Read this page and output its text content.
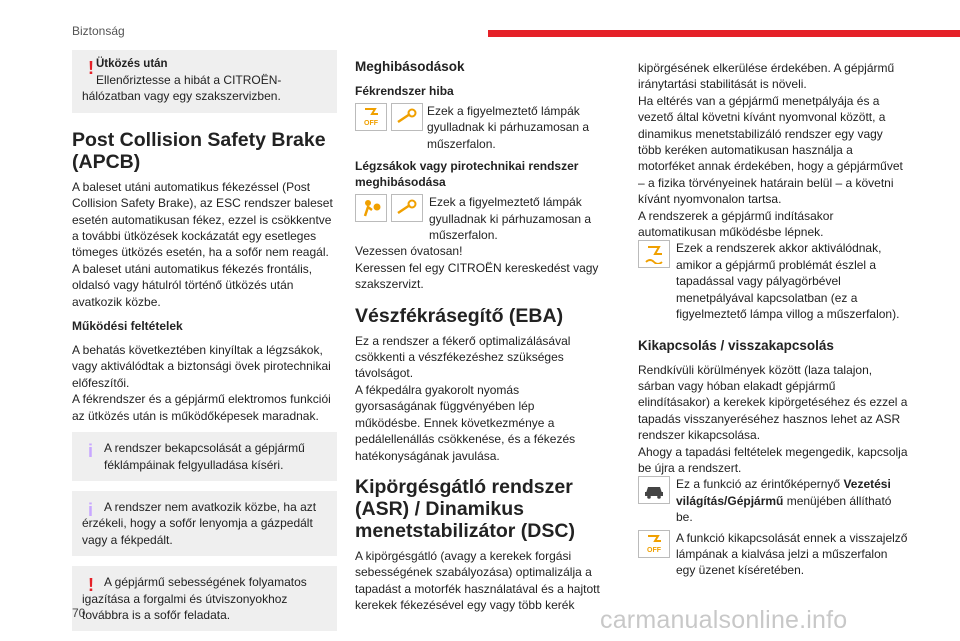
Biztonság
! Ütközés után

Ellenőriztesse a hibát a CITROËN-hálózatban vagy egy szakszervizben.

Post Collision Safety Brake (APCB)

A baleset utáni automatikus fékezéssel (Post Collision Safety Brake), az ESC rendszer baleset esetén automatikusan fékez, ezzel is csökkentve a további ütközések kockázatát egy esetleges tömeges ütközés esetén, ha a sofőr nem reagál. A baleset utáni automatikus fékezés frontális, oldalsó vagy hátulról történő ütközés után avatkozik közbe.

Működési feltételek

A behatás következtében kinyíltak a légzsákok, vagy aktiválódtak a biztonsági övek pirotechnikai előfeszítői.

A fékrendszer és a gépjármű elektromos funkciói az ütközés után is működőképesek maradnak.

i A rendszer bekapcsolását a gépjármű féklámpáinak felgyulladása kíséri.

i A rendszer nem avatkozik közbe, ha azt érzékeli, hogy a sofőr lenyomja a gázpedált vagy a fékpedált.

! A gépjármű sebességének folyamatos igazítása a forgalmi és útviszonyokhoz továbbra is a sofőr feladata.

Meghibásodások
Fékrendszer hiba
OFF

Ezek a figyelmeztető lámpák gyulladnak ki párhuzamosan a műszerfalon.

Légzsákok vagy pirotechnikai rendszer meghibásodása

Ezek a figyelmeztető lámpák gyulladnak ki párhuzamosan a műszerfalon.

Vezessen óvatosan!

Keressen fel egy CITROËN kereskedést vagy szakszervizt.

Vészfékrásegítő (EBA)

Ez a rendszer a fékerő optimalizálásával csökkenti a vészfékezéshez szükséges távolságot.

A fékpedálra gyakorolt nyomás gyorsaságának függvényében lép működésbe. Ennek következménye a pedálellenállás csökkenése, és a fékezés hatékonyságának javulása.

Kipörgésgátló rendszer (ASR) / Dinamikus menetstabilizátor (DSC)

A kipörgésgátló (avagy a kerekek forgási sebességének szabályozása) optimalizálja a tapadást a motorfék használatával és a hajtott kerekek fékezésével egy vagy több kerék

kipörgésének elkerülése érdekében. A gépjármű iránytartási stabilitását is növeli.

Ha eltérés van a gépjármű menetpályája és a vezető által követni kívánt nyomvonal között, a dinamikus menetstabilizáló rendszer egy vagy több keréken automatikusan használja a motorféket annak érdekében, hogy a gépjárművet – a fizika törvényeinek határain belül – a követni kívánt nyomvonalon tartsa.

A rendszerek a gépjármű indításakor automatikusan működésbe lépnek.

Ezek a rendszerek akkor aktiválódnak, amikor a gépjármű problémát észlel a tapadással vagy pályagörbével menetpályával kapcsolatban (ez a figyelmeztető lámpa villog a műszerfalon).

Kikapcsolás / visszakapcsolás

Rendkívüli körülmények között (laza talajon, sárban vagy hóban elakadt gépjármű elindításakor) a kerekek kipörgetéséhez és ezzel a tapadás visszanyeréséhez hasznos lehet az ASR rendszer kikapcsolása.

Ahogy a tapadási feltételek megengedik, kapcsolja be újra a rendszert.

Ez a funkció az érintőképernyő Vezetési világítás/Gépjármű menüjében állítható be.

OFF

A funkció kikapcsolását ennek a visszajelző lámpának a kialvása jelzi a műszerfalon egy üzenet kíséretében.

70	carmanualsonline.info
